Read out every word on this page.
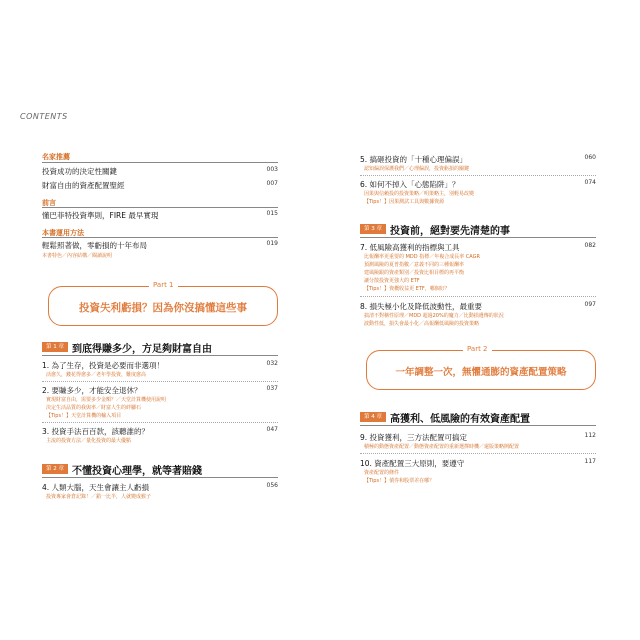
CONTENTS
名家推薦
投資成功的決定性關鍵	003
財富自由的資產配置聖經	007
前言
懂巴菲特投資準則，FIRE 最早實現	015
本書運用方法
輕鬆照著做，零虧損的十年布局	019
本書特色／內容結構／閱讀說明
Part 1
投資失利虧損？因為你沒搞懂這些事
第 1 章 到底得賺多少，方足夠財富自由
1. 為了生存，投資是必要而非選項！	032
活愈久，錢花得愈多／老年學投資，難度愈高
2. 要賺多少，才能安全退休？	037
實現財富自由，需要多少金額？／天堂計算機使用說明
決定生活品質的我與率／財富人生的絆腳石
【Tips！】天堂計算機的輸入項目
3. 投資手法百百款，該聽誰的？	047
主流的投資方法／量化投資的最大優點
第 2 章 不懂投資心理學，就等著賠錢
4. 人類大腦，天生會讓主人虧損	056
投資專家會倉記錄！／錯一比半，人就變成猴子
5. 搞砸投資的「十種心理偏誤」	060
認知偏誤保護我們／心理偏誤，投資虧損的關鍵
6. 如何不掉入「心態陷阱」？	074
因果與信賴投的投資策略／明策略主，別輕易改變
【Tips！】因果測試工具與數據資源
第 3 章 投資前，絕對要先清楚的事
7. 低風險高獲利的指標與工具	082
比報酬率更重要的 MDD 指標／年複合成長率 CAGR
預測風險的夏普指數／意義不同的三種報酬率
建風險跟的資產類別／投資比相目標的再平衡
讓分散投資更強大的 ETF
【Tips！】資概收益更 ETF，哪個好？
8. 損失極小化及降低波動性，最重要	097
搞清不對稱性原理／MDD 超過20%的魔力／比動損遺傳的狀況
波動性低，損失會最小化／高報酬低風險的投資策略
Part 2
一年調整一次，無懼通膨的資產配置策略
第 4 章 高獲利、低風險的有效資產配置
9. 投資獲利，三方法配置可搞定	112
積極的動態資產配置／動態資產配置的重新選擇時機／還版策略開配置
10. 資產配置三大原則，要遵守	117
資產配置的條件
【Tips！】債券和股票差在哪？
